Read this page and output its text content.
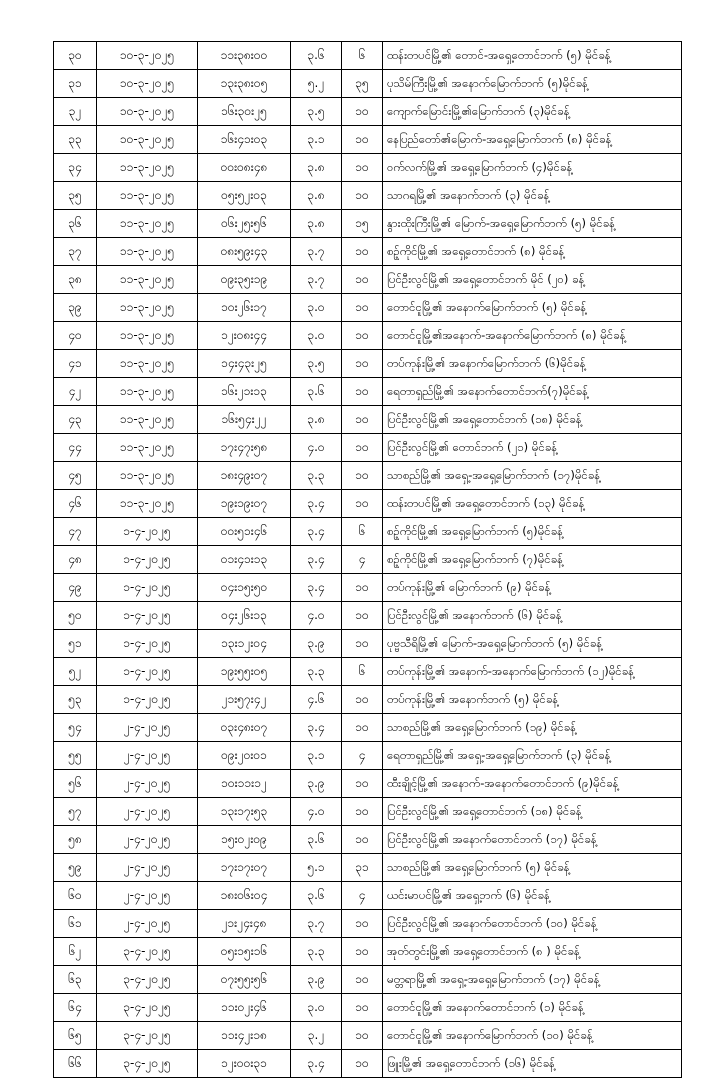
၃၀	၁၀-၃-၂၀၂၅	၁၁း၃၈း၀၀	၃.၆	၆	ထန်းတပင်မြို့၏ တောင်-အရှေ့တောင်ဘက် (၅) မိုင်ခန့်
၃၁	၁၀-၃-၂၀၂၅	၁၃း၃၈း၀၅	၅.၂	၃၅	ပုသိမ်ကြီးမြို့၏ အနောက်မြောက်ဘက် (၅)မိုင်ခန့်
၃၂	၁၀-၃-၂၀၂၅	၁၆း၃၀း၂၅	၃.၅	၁၀	ကျောက်မြောင်းမြို့၏မြောက်ဘက် (၃)မိုင်ခန့်
၃၃	၁၀-၃-၂၀၂၅	၁၆း၄၁း၀၃	၃.၁	၁၀	နေပြည်တော်၏မြောက်-အရှေ့မြောက်ဘက် (၈) မိုင်ခန့်
၃၄	၁၁-၃-၂၀၂၅	၀၀း၀၈း၄၈	၃.၈	၁၀	ဝက်လက်မြို့၏ အရှေ့မြောက်ဘက် (၄)မိုင်ခန့်
၃၅	၁၁-၃-၂၀၂၅	၀၅း၅၂း၀၃	၃.၈	၁၀	သာဂရမြို့၏ အနောက်ဘက် (၃) မိုင်ခန့်
၃၆	၁၁-၃-၂၀၂၅	၀၆း၂၅း၅၆	၃.၈	၁၅	နွားထိုးကြီးမြို့၏ မြောက်-အရှေ့မြောက်ဘက် (၅) မိုင်ခန့်
၃၇	၁၁-၃-၂၀၂၅	၀၈း၅၉း၄၃	၃.၇	၁၀	စဥ့်ကိုင်မြို့၏ အရှေ့တောင်ဘက် (၈) မိုင်ခန့်
၃၈	၁၁-၃-၂၀၂၅	၀၉း၃၅း၁၉	၃.၇	၁၀	ပြင်ဦးလွင်မြို့၏ အရှေ့တောင်ဘက် မိုင် (၂၀) ခန့်
၃၉	၁၁-၃-၂၀၂၅	၁၀း၂၆း၁၇	၃.၀	၁၀	တောင်ငူမြို့၏ အနောက်မြောက်ဘက် (၅) မိုင်ခန့်
၄၀	၁၁-၃-၂၀၂၅	၁၂း၀၈း၄၄	၃.၀	၁၀	တောင်ငူမြို့၏အနောက်-အနောက်မြောက်ဘက် (၈) မိုင်ခန့်
၄၁	၁၁-၃-၂၀၂၅	၁၄း၄၃း၂၅	၃.၅	၁၀	တပ်ကုန်းမြို့၏ အနောက်မြောက်ဘက် (၆)မိုင်ခန့်
၄၂	၁၁-၃-၂၀၂၅	၁၆း၂၁း၁၃	၃.၆	၁၀	ရေတာရှည်မြို့၏ အနောက်တောင်ဘက်(၇)မိုင်ခန့်
၄၃	၁၁-၃-၂၀၂၅	၁၆း၅၄း၂၂	၃.၈	၁၀	ပြင်ဦးလွင်မြို့၏ အရှေ့တောင်ဘက် (၁၈) မိုင်ခန့်
၄၄	၁၁-၃-၂၀၂၅	၁၇း၄၇း၅၈	၄.၀	၁၀	ပြင်ဦးလွင်မြို့၏ တောင်ဘက် (၂၁) မိုင်ခန့်
၄၅	၁၁-၃-၂၀၂၅	၁၈း၄၉း၀၇	၃.၃	၁၀	သာစည်မြို့၏ အရှေ့-အရှေ့မြောက်ဘက် (၁၇)မိုင်ခန့်
၄၆	၁၁-၃-၂၀၂၅	၁၉း၁၉း၀၇	၃.၄	၁၀	ထန်းတပင်မြို့၏ အရှေ့တောင်ဘက် (၁၃) မိုင်ခန့်
၄၇	၁-၄-၂၀၂၅	၀၀း၅၁း၄၆	၃.၄	၆	စဥ့်ကိုင်မြို့၏ အရှေ့မြောက်ဘက် (၅)မိုင်ခန့်
၄၈	၁-၄-၂၀၂၅	၀၁း၄၁း၁၃	၃.၄	၄	စဥ့်ကိုင်မြို့၏ အရှေ့မြောက်ဘက် (၇)မိုင်ခန့်
၄၉	၁-၄-၂၀၂၅	၀၄း၁၅း၅၀	၃.၄	၁၀	တပ်ကုန်းမြို့၏ မြောက်ဘက် (၉) မိုင်ခန့်
၅၀	၁-၄-၂၀၂၅	၀၄း၂၆း၁၃	၄.၀	၁၀	ပြင်ဦးလွင်မြို့၏ အနောက်ဘက် (၆) မိုင်ခန့်
၅၁	၁-၄-၂၀၂၅	၁၃း၁၂း၀၄	၃.၉	၁၀	ပုဗ္ဗသီရိမြို့၏ မြောက်-အရှေ့မြောက်ဘက် (၅) မိုင်ခန့်
၅၂	၁-၄-၂၀၂၅	၁၉း၅၅း၀၅	၃.၃	၆	တပ်ကုန်းမြို့၏ အနောက်-အနောက်မြောက်ဘက် (၁၂)မိုင်ခန့်
၅၃	၁-၄-၂၀၂၅	၂၁း၅၇း၄၂	၄.၆	၁၀	တပ်ကုန်းမြို့၏ အနောက်ဘက် (၅) မိုင်ခန့်
၅၄	၂-၄-၂၀၂၅	၀၃း၄၈း၀၇	၃.၄	၁၀	သာစည်မြို့၏ အရှေ့မြောက်ဘက် (၁၉) မိုင်ခန့်
၅၅	၂-၄-၂၀၂၅	၀၉း၂၀း၀၁	၃.၁	၄	ရေတာရှည်မြို့၏ အရှေ့-အရှေ့မြောက်ဘက် (၃) မိုင်ခန့်
၅၆	၂-၄-၂၀၂၅	၁၀း၁၁း၁၂	၃.၉	၁၀	ထီးချိုင့်မြို့၏ အနောက်-အနောက်တောင်ဘက် (၉)မိုင်ခန့်
၅၇	၂-၄-၂၀၂၅	၁၃း၁၇း၅၃	၄.၀	၁၀	ပြင်ဦးလွင်မြို့၏ အရှေ့တောင်ဘက် (၁၈) မိုင်ခန့်
၅၈	၂-၄-၂၀၂၅	၁၅း၀၂း၀၉	၃.၆	၁၀	ပြင်ဦးလွင်မြို့၏ အနောက်တောင်ဘက် (၁၇) မိုင်ခန့်
၅၉	၂-၄-၂၀၂၅	၁၇း၁၇း၀၇	၅.၁	၃၁	သာစည်မြို့၏ အရှေ့မြောက်ဘက် (၅) မိုင်ခန့်
၆၀	၂-၄-၂၀၂၅	၁၈း၀၆း၀၄	၃.၆	၄	ယင်းမာပင်မြို့၏ အရှေ့ဘက် (၆) မိုင်ခန့်
၆၁	၂-၄-၂၀၂၅	၂၁း၂၄း၄၈	၃.၇	၁၀	ပြင်ဦးလွင်မြို့၏ အနောက်တောင်ဘက် (၁၀) မိုင်ခန့်
၆၂	၃-၄-၂၀၂၅	၀၅း၁၅း၁၆	၃.၃	၁၀	အုတ်တွင်းမြို့၏ အရှေ့တောင်ဘက် (၈ ) မိုင်ခန့်
၆၃	၃-၄-၂၀၂၅	၀၇း၅၅း၅၆	၃.၉	၁၀	မတ္တရာမြို့၏ အရှေ့-အရှေ့မြောက်ဘက် (၁၇) မိုင်ခန့်
၆၄	၃-၄-၂၀၂၅	၁၁း၀၂း၄၆	၃.၀	၁၀	တောင်ငူမြို့၏ အနောက်တောင်ဘက် (၁) မိုင်ခန့်
၆၅	၃-၄-၂၀၂၅	၁၁း၄၂း၁၈	၃.၂	၁၀	တောင်ငူမြို့၏ အနောက်မြောက်ဘက် (၁၀) မိုင်ခန့်
၆၆	၃-၄-၂၀၂၅	၁၂း၀၀း၃၁	၃.၄	၁၀	ဖြူးမြို့၏ အရှေ့တောင်ဘက် (၁၆) မိုင်ခန့်
